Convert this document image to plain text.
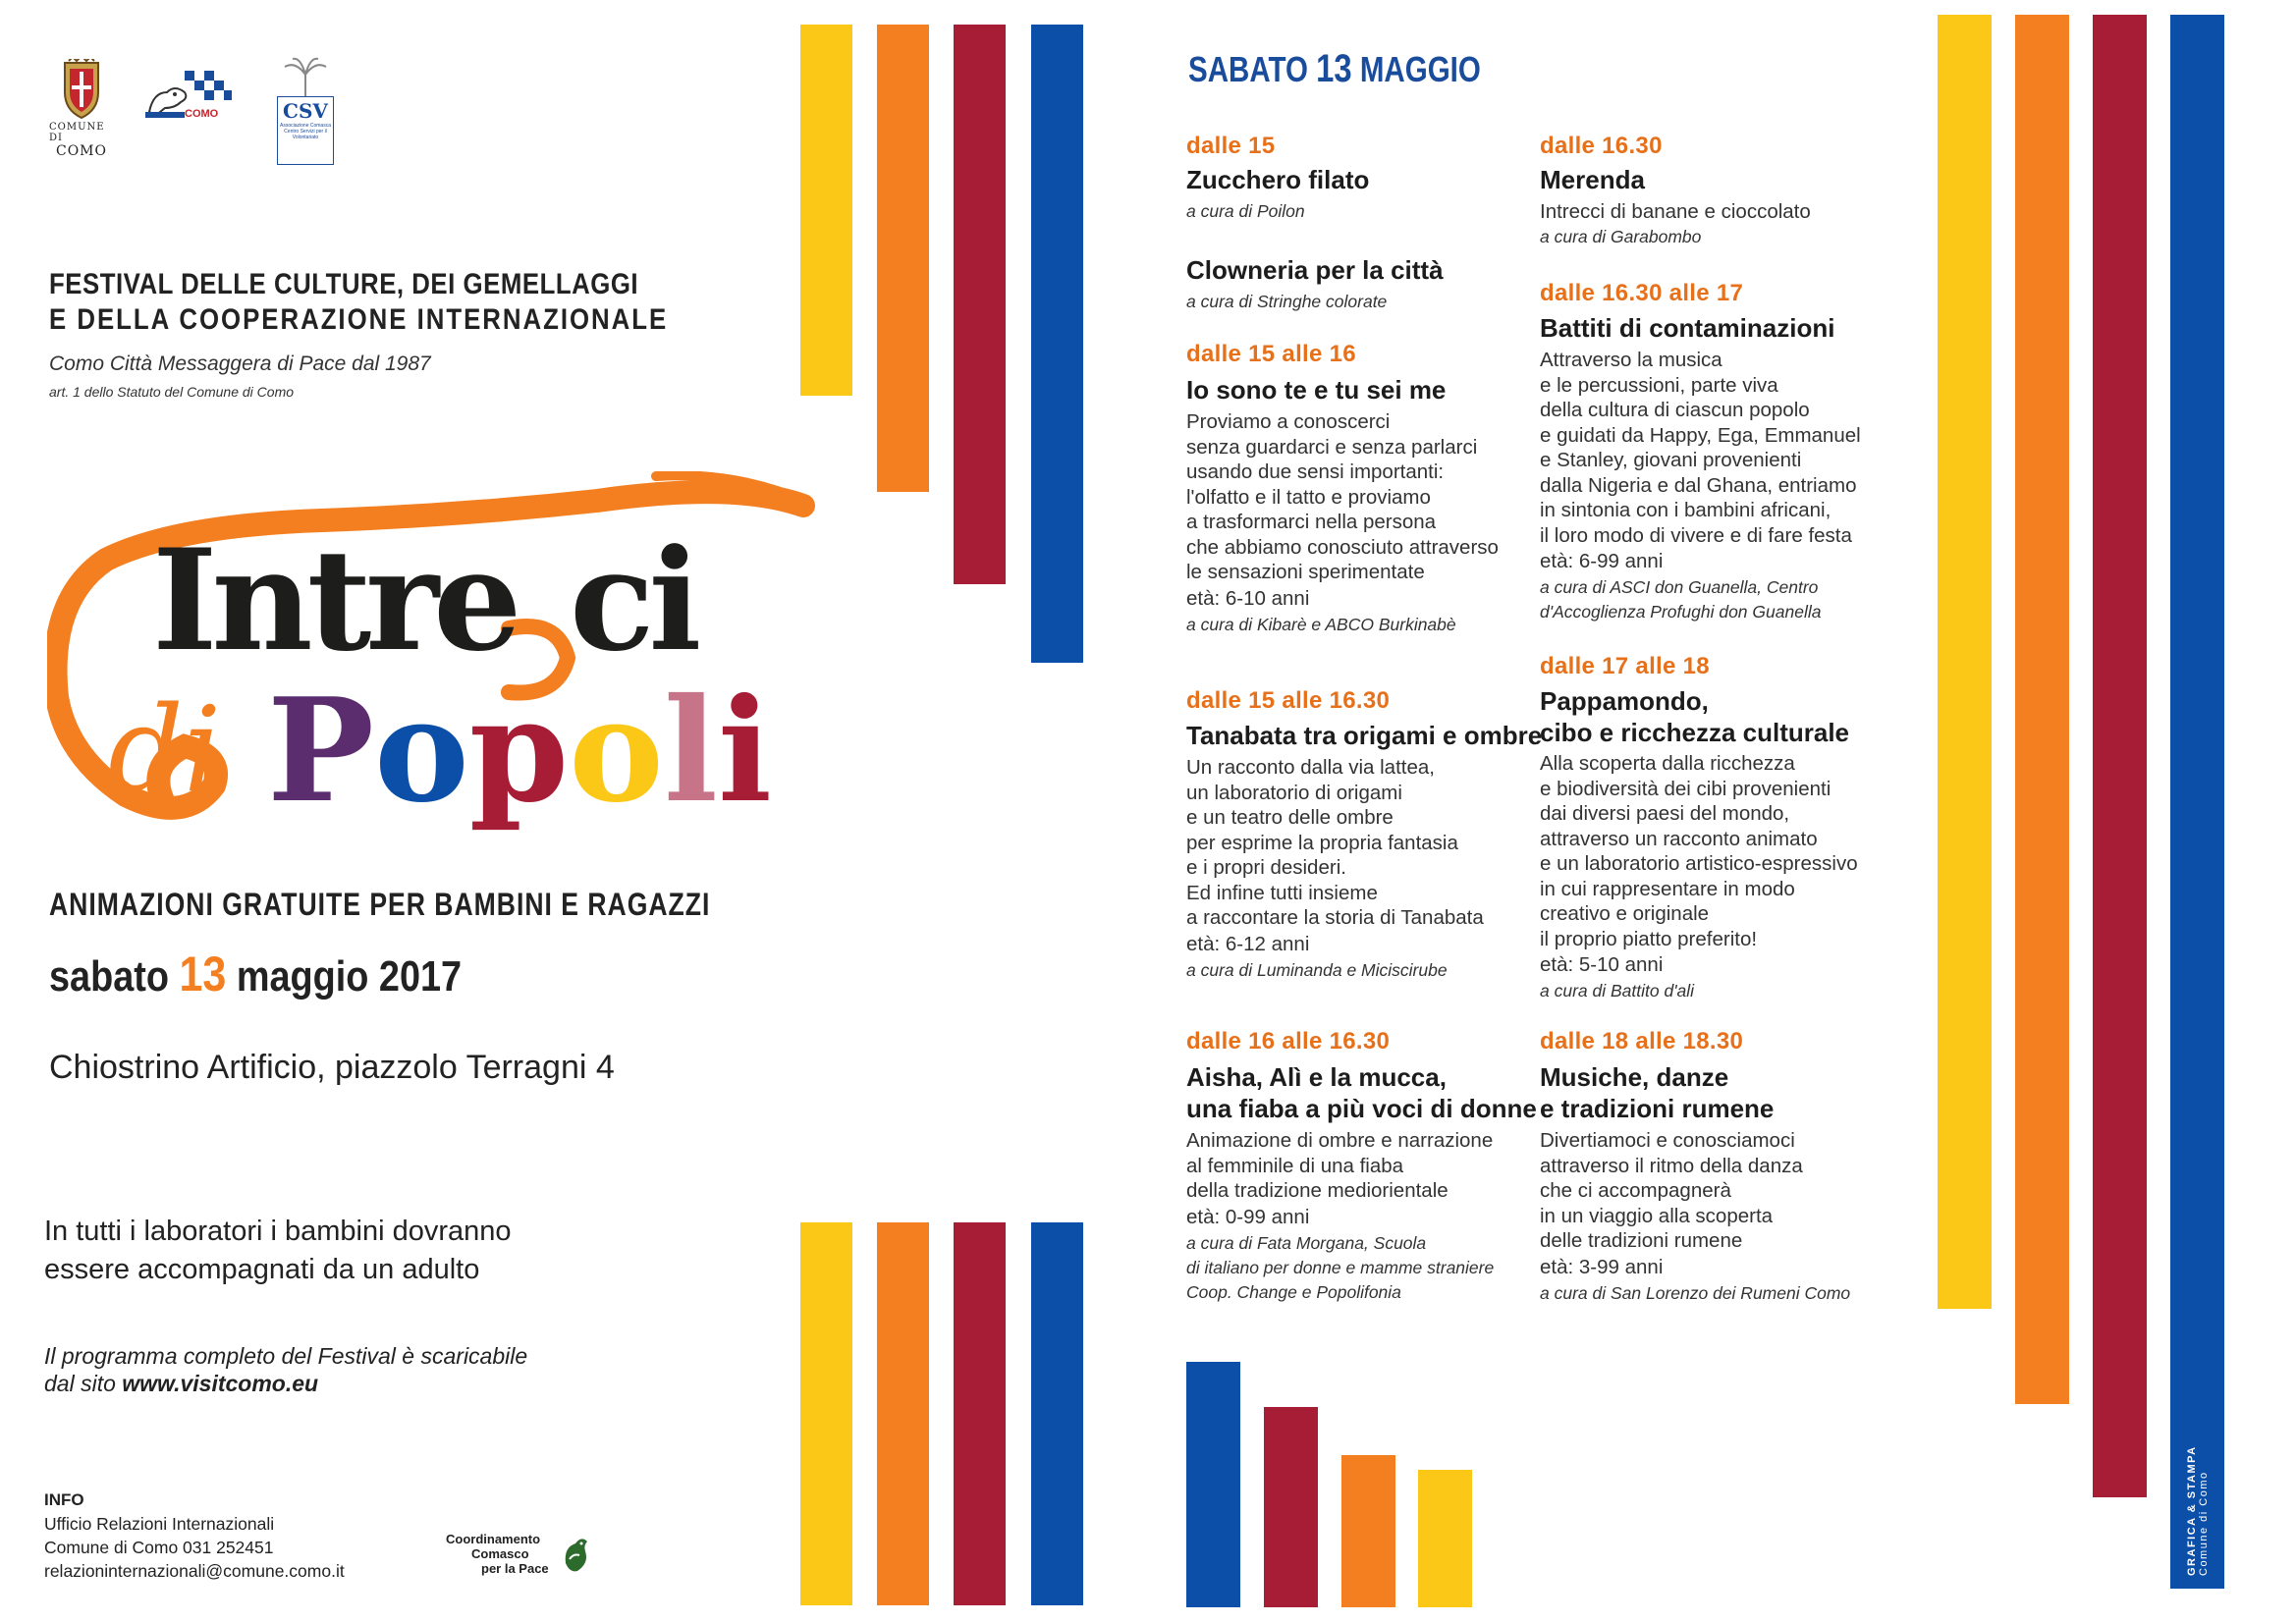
COMUNE DI
COMO
COMO	CSV
Associazione Comasca Centro Servizi per il Volontariato
FESTIVAL DELLE CULTURE, DEI GEMELLAGGI
E DELLA COOPERAZIONE INTERNAZIONALE
Como Città Messaggera di Pace dal 1987
art. 1 dello Statuto del Comune di Como
Intre ci
di P o p o l i
ANIMAZIONI GRATUITE PER BAMBINI E RAGAZZI
sabato 13 maggio 2017
Chiostrino Artificio, piazzolo Terragni 4
In tutti i laboratori i bambini dovranno
essere accompagnati da un adulto
Il programma completo del Festival è scaricabile
dal sito www.visitcomo.eu
INFO
Ufficio Relazioni Internazionali
Comune di Como 031 252451
relazioninternazionali@comune.como.it
Coordinamento
Comasco
per la Pace
SABATO 13 MAGGIO
dalle 15
Zucchero filato
a cura di Poilon
Clowneria per la città
a cura di Stringhe colorate
dalle 15 alle 16
Io sono te e tu sei me
Proviamo a conoscerci
senza guardarci e senza parlarci
usando due sensi importanti:
l'olfatto e il tatto e proviamo
a trasformarci nella persona
che abbiamo conosciuto attraverso
le sensazioni sperimentate
età: 6-10 anni
a cura di Kibarè e ABCO Burkinabè
dalle 15 alle 16.30
Tanabata tra origami e ombre
Un racconto dalla via lattea,
un laboratorio di origami
e un teatro delle ombre
per esprime la propria fantasia
e i propri desideri.
Ed infine tutti insieme
a raccontare la storia di Tanabata
età: 6-12 anni
a cura di Luminanda e Miciscirube
dalle 16 alle 16.30
Aisha, Alì e la mucca,
una fiaba a più voci di donne
Animazione di ombre e narrazione
al femminile di una fiaba
della tradizione mediorientale
età: 0-99 anni
a cura di Fata Morgana, Scuola
di italiano per donne e mamme straniere
Coop. Change e Popolifonia
dalle 16.30
Merenda
Intrecci di banane e cioccolato
a cura di Garabombo
dalle 16.30 alle 17
Battiti di contaminazioni
Attraverso la musica
e le percussioni, parte viva
della cultura di ciascun popolo
e guidati da Happy, Ega, Emmanuel
e Stanley, giovani provenienti
dalla Nigeria e dal Ghana, entriamo
in sintonia con i bambini africani,
il loro modo di vivere e di fare festa
età: 6-99 anni
a cura di ASCI don Guanella, Centro
d'Accoglienza Profughi don Guanella
dalle 17 alle 18
Pappamondo,
cibo e ricchezza culturale
Alla scoperta dalla ricchezza
e biodiversità dei cibi provenienti
dai diversi paesi del mondo,
attraverso un racconto animato
e un laboratorio artistico-espressivo
in cui rappresentare in modo
creativo e originale
il proprio piatto preferito!
età: 5-10 anni
a cura di Battito d'ali
dalle 18 alle 18.30
Musiche, danze
e tradizioni rumene
Divertiamoci e conosciamoci
attraverso il ritmo della danza
che ci accompagnerà
in un viaggio alla scoperta
delle tradizioni rumene
età: 3-99 anni
a cura di San Lorenzo dei Rumeni Como
GRAFICA & STAMPA Comune di Como
